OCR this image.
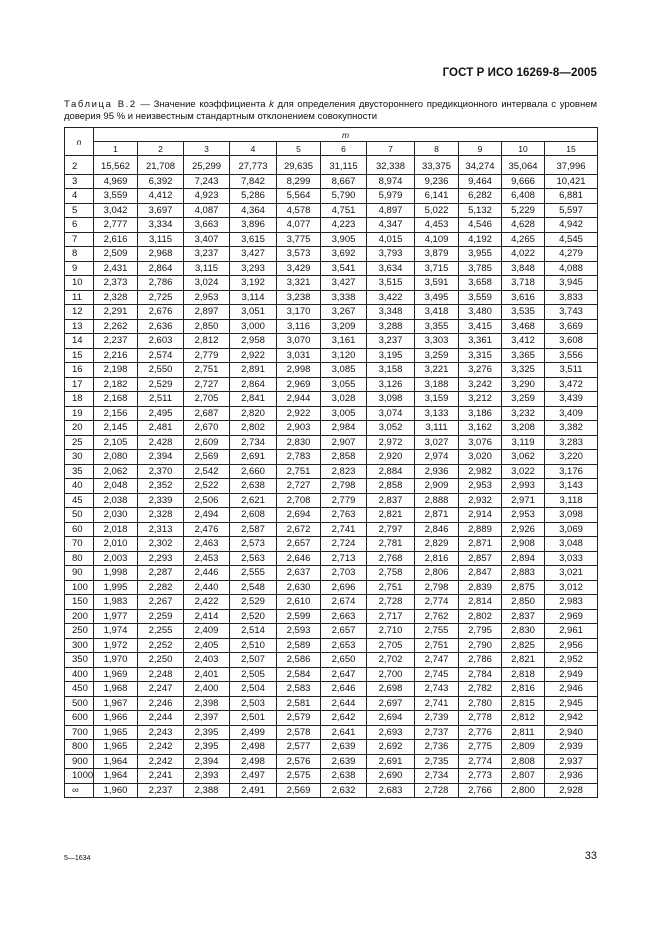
ГОСТ Р ИСО 16269-8—2005
Таблица В.2 — Значение коэффициента k для определения двустороннего предикционного интервала с уровнем доверия 95 % и неизвестным стандартным отклонением совокупности
n	m										
	1	2	3	4	5	6	7	8	9	10	15
2	15,562	21,708	25,299	27,773	29,635	31,115	32,338	33,375	34,274	35,064	37,996
3	4,969	6,392	7,243	7,842	8,299	8,667	8,974	9,236	9,464	9,666	10,421
4	3,559	4,412	4,923	5,286	5,564	5,790	5,979	6,141	6,282	6,408	6,881
5	3,042	3,697	4,087	4,364	4,578	4,751	4,897	5,022	5,132	5,229	5,597
6	2,777	3,334	3,663	3,896	4,077	4,223	4,347	4,453	4,546	4,628	4,942
7	2,616	3,115	3,407	3,615	3,775	3,905	4,015	4,109	4,192	4,265	4,545
8	2,509	2,968	3,237	3,427	3,573	3,692	3,793	3,879	3,955	4,022	4,279
9	2,431	2,864	3,115	3,293	3,429	3,541	3,634	3,715	3,785	3,848	4,088
10	2,373	2,786	3,024	3,192	3,321	3,427	3,515	3,591	3,658	3,718	3,945
11	2,328	2,725	2,953	3,114	3,238	3,338	3,422	3,495	3,559	3,616	3,833
12	2,291	2,676	2,897	3,051	3,170	3,267	3,348	3,418	3,480	3,535	3,743
13	2,262	2,636	2,850	3,000	3,116	3,209	3,288	3,355	3,415	3,468	3,669
14	2,237	2,603	2,812	2,958	3,070	3,161	3,237	3,303	3,361	3,412	3,608
15	2,216	2,574	2,779	2,922	3,031	3,120	3,195	3,259	3,315	3,365	3,556
16	2,198	2,550	2,751	2,891	2,998	3,085	3,158	3,221	3,276	3,325	3,511
17	2,182	2,529	2,727	2,864	2,969	3,055	3,126	3,188	3,242	3,290	3,472
18	2,168	2,511	2,705	2,841	2,944	3,028	3,098	3,159	3,212	3,259	3,439
19	2,156	2,495	2,687	2,820	2,922	3,005	3,074	3,133	3,186	3,232	3,409
20	2,145	2,481	2,670	2,802	2,903	2,984	3,052	3,111	3,162	3,208	3,382
25	2,105	2,428	2,609	2,734	2,830	2,907	2,972	3,027	3,076	3,119	3,283
30	2,080	2,394	2,569	2,691	2,783	2,858	2,920	2,974	3,020	3,062	3,220
35	2,062	2,370	2,542	2,660	2,751	2,823	2,884	2,936	2,982	3,022	3,176
40	2,048	2,352	2,522	2,638	2,727	2,798	2,858	2,909	2,953	2,993	3,143
45	2,038	2,339	2,506	2,621	2,708	2,779	2,837	2,888	2,932	2,971	3,118
50	2,030	2,328	2,494	2,608	2,694	2,763	2,821	2,871	2,914	2,953	3,098
60	2,018	2,313	2,476	2,587	2,672	2,741	2,797	2,846	2,889	2,926	3,069
70	2,010	2,302	2,463	2,573	2,657	2,724	2,781	2,829	2,871	2,908	3,048
80	2,003	2,293	2,453	2,563	2,646	2,713	2,768	2,816	2,857	2,894	3,033
90	1,998	2,287	2,446	2,555	2,637	2,703	2,758	2,806	2,847	2,883	3,021
100	1,995	2,282	2,440	2,548	2,630	2,696	2,751	2,798	2,839	2,875	3,012
150	1,983	2,267	2,422	2,529	2,610	2,674	2,728	2,774	2,814	2,850	2,983
200	1,977	2,259	2,414	2,520	2,599	2,663	2,717	2,762	2,802	2,837	2,969
250	1,974	2,255	2,409	2,514	2,593	2,657	2,710	2,755	2,795	2,830	2,961
300	1,972	2,252	2,405	2,510	2,589	2,653	2,705	2,751	2,790	2,825	2,956
350	1,970	2,250	2,403	2,507	2,586	2,650	2,702	2,747	2,786	2,821	2,952
400	1,969	2,248	2,401	2,505	2,584	2,647	2,700	2,745	2,784	2,818	2,949
450	1,968	2,247	2,400	2,504	2,583	2,646	2,698	2,743	2,782	2,816	2,946
500	1,967	2,246	2,398	2,503	2,581	2,644	2,697	2,741	2,780	2,815	2,945
600	1,966	2,244	2,397	2,501	2,579	2,642	2,694	2,739	2,778	2,812	2,942
700	1,965	2,243	2,395	2,499	2,578	2,641	2,693	2,737	2,776	2,811	2,940
800	1,965	2,242	2,395	2,498	2,577	2,639	2,692	2,736	2,775	2,809	2,939
900	1,964	2,242	2,394	2,498	2,576	2,639	2,691	2,735	2,774	2,808	2,937
1000	1,964	2,241	2,393	2,497	2,575	2,638	2,690	2,734	2,773	2,807	2,936
∞	1,960	2,237	2,388	2,491	2,569	2,632	2,683	2,728	2,766	2,800	2,928
5—1634	33
